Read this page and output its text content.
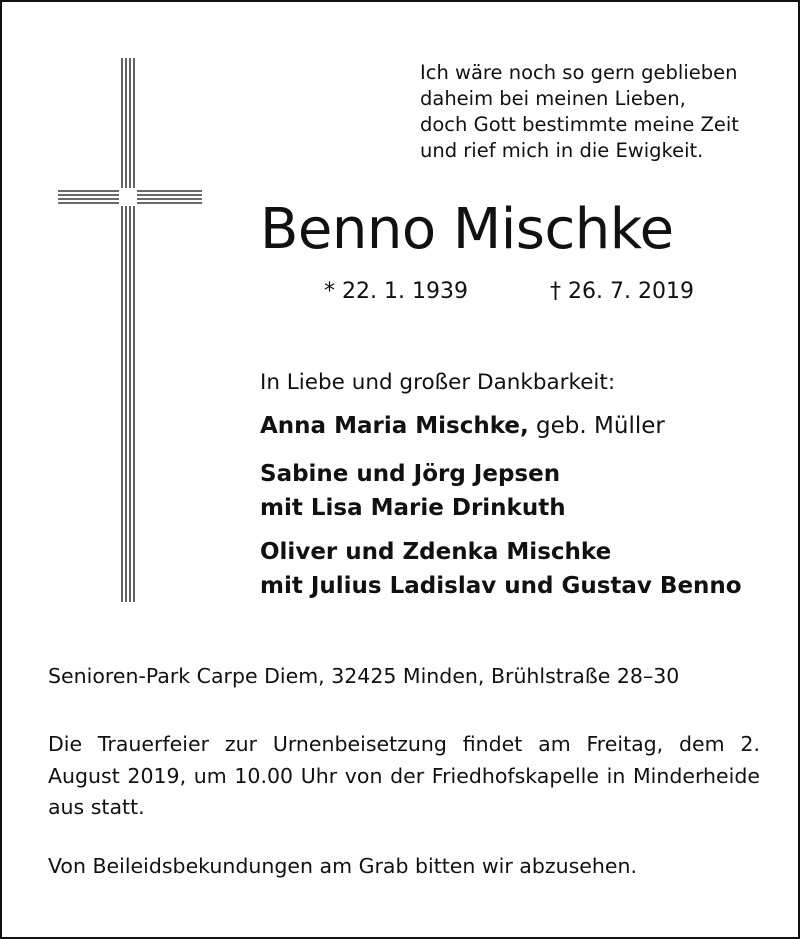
Ich wäre noch so gern geblieben
daheim bei meinen Lieben,
doch Gott bestimmte meine Zeit
und rief mich in die Ewigkeit.
Benno Mischke
* 22. 1. 1939	† 26. 7. 2019
In Liebe und großer Dankbarkeit:
Anna Maria Mischke, geb. Müller
Sabine und Jörg Jepsen
mit Lisa Marie Drinkuth
Oliver und Zdenka Mischke
mit Julius Ladislav und Gustav Benno
Senioren-Park Carpe Diem, 32425 Minden, Brühlstraße 28–30
Die Trauerfeier zur Urnenbeisetzung findet am Freitag, dem 2. August 2019, um 10.00 Uhr von der Friedhofskapelle in Minderheide aus statt.
Von Beileidsbekundungen am Grab bitten wir abzusehen.
